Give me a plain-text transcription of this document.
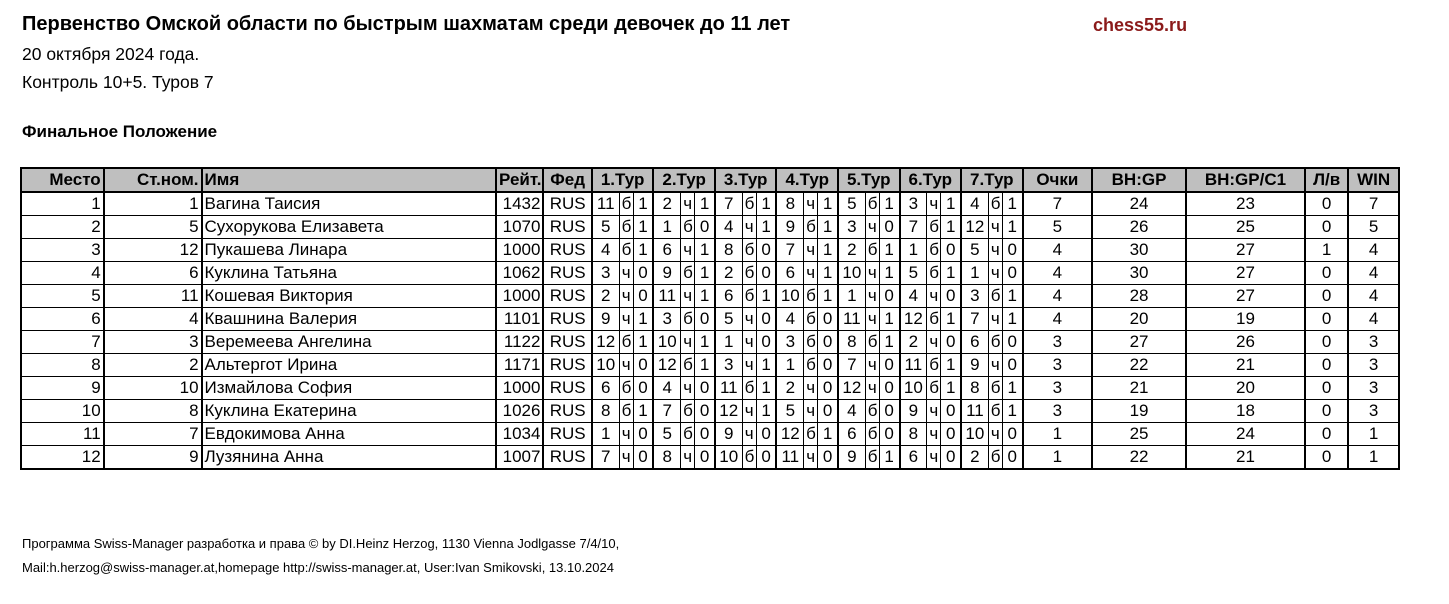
Первенство Омской области по быстрым шахматам среди девочек до 11 лет	chess55.ru
20 октября 2024 года.
Контроль 10+5. Туров 7
Финальное Положение
Место	Ст.ном.	Имя	Рейт.	Фед	1.Тур			2.Тур			3.Тур			4.Тур			5.Тур			6.Тур			7.Тур			Очки	BH:GP	BH:GP/C1	Л/в	WIN
1	1	Вагина Таисия	1432	RUS	11	б	1	2	ч	1	7	б	1	8	ч	1	5	б	1	3	ч	1	4	б	1	7	24	23	0	7
2	5	Сухорукова Елизавета	1070	RUS	5	б	1	1	б	0	4	ч	1	9	б	1	3	ч	0	7	б	1	12	ч	1	5	26	25	0	5
3	12	Пукашева Линара	1000	RUS	4	б	1	6	ч	1	8	б	0	7	ч	1	2	б	1	1	б	0	5	ч	0	4	30	27	1	4
4	6	Куклина Татьяна	1062	RUS	3	ч	0	9	б	1	2	б	0	6	ч	1	10	ч	1	5	б	1	1	ч	0	4	30	27	0	4
5	11	Кошевая Виктория	1000	RUS	2	ч	0	11	ч	1	6	б	1	10	б	1	1	ч	0	4	ч	0	3	б	1	4	28	27	0	4
6	4	Квашнина Валерия	1101	RUS	9	ч	1	3	б	0	5	ч	0	4	б	0	11	ч	1	12	б	1	7	ч	1	4	20	19	0	4
7	3	Веремеева Ангелина	1122	RUS	12	б	1	10	ч	1	1	ч	0	3	б	0	8	б	1	2	ч	0	6	б	0	3	27	26	0	3
8	2	Альтергот Ирина	1171	RUS	10	ч	0	12	б	1	3	ч	1	1	б	0	7	ч	0	11	б	1	9	ч	0	3	22	21	0	3
9	10	Измайлова София	1000	RUS	6	б	0	4	ч	0	11	б	1	2	ч	0	12	ч	0	10	б	1	8	б	1	3	21	20	0	3
10	8	Куклина Екатерина	1026	RUS	8	б	1	7	б	0	12	ч	1	5	ч	0	4	б	0	9	ч	0	11	б	1	3	19	18	0	3
11	7	Евдокимова Анна	1034	RUS	1	ч	0	5	б	0	9	ч	0	12	б	1	6	б	0	8	ч	0	10	ч	0	1	25	24	0	1
12	9	Лузянина Анна	1007	RUS	7	ч	0	8	ч	0	10	б	0	11	ч	0	9	б	1	6	ч	0	2	б	0	1	22	21	0	1
Программа Swiss-Manager разработка и права © by DI.Heinz Herzog, 1130 Vienna Jodlgasse 7/4/10,
Mail:h.herzog@swiss-manager.at,homepage http://swiss-manager.at, User:Ivan Smikovski, 13.10.2024
